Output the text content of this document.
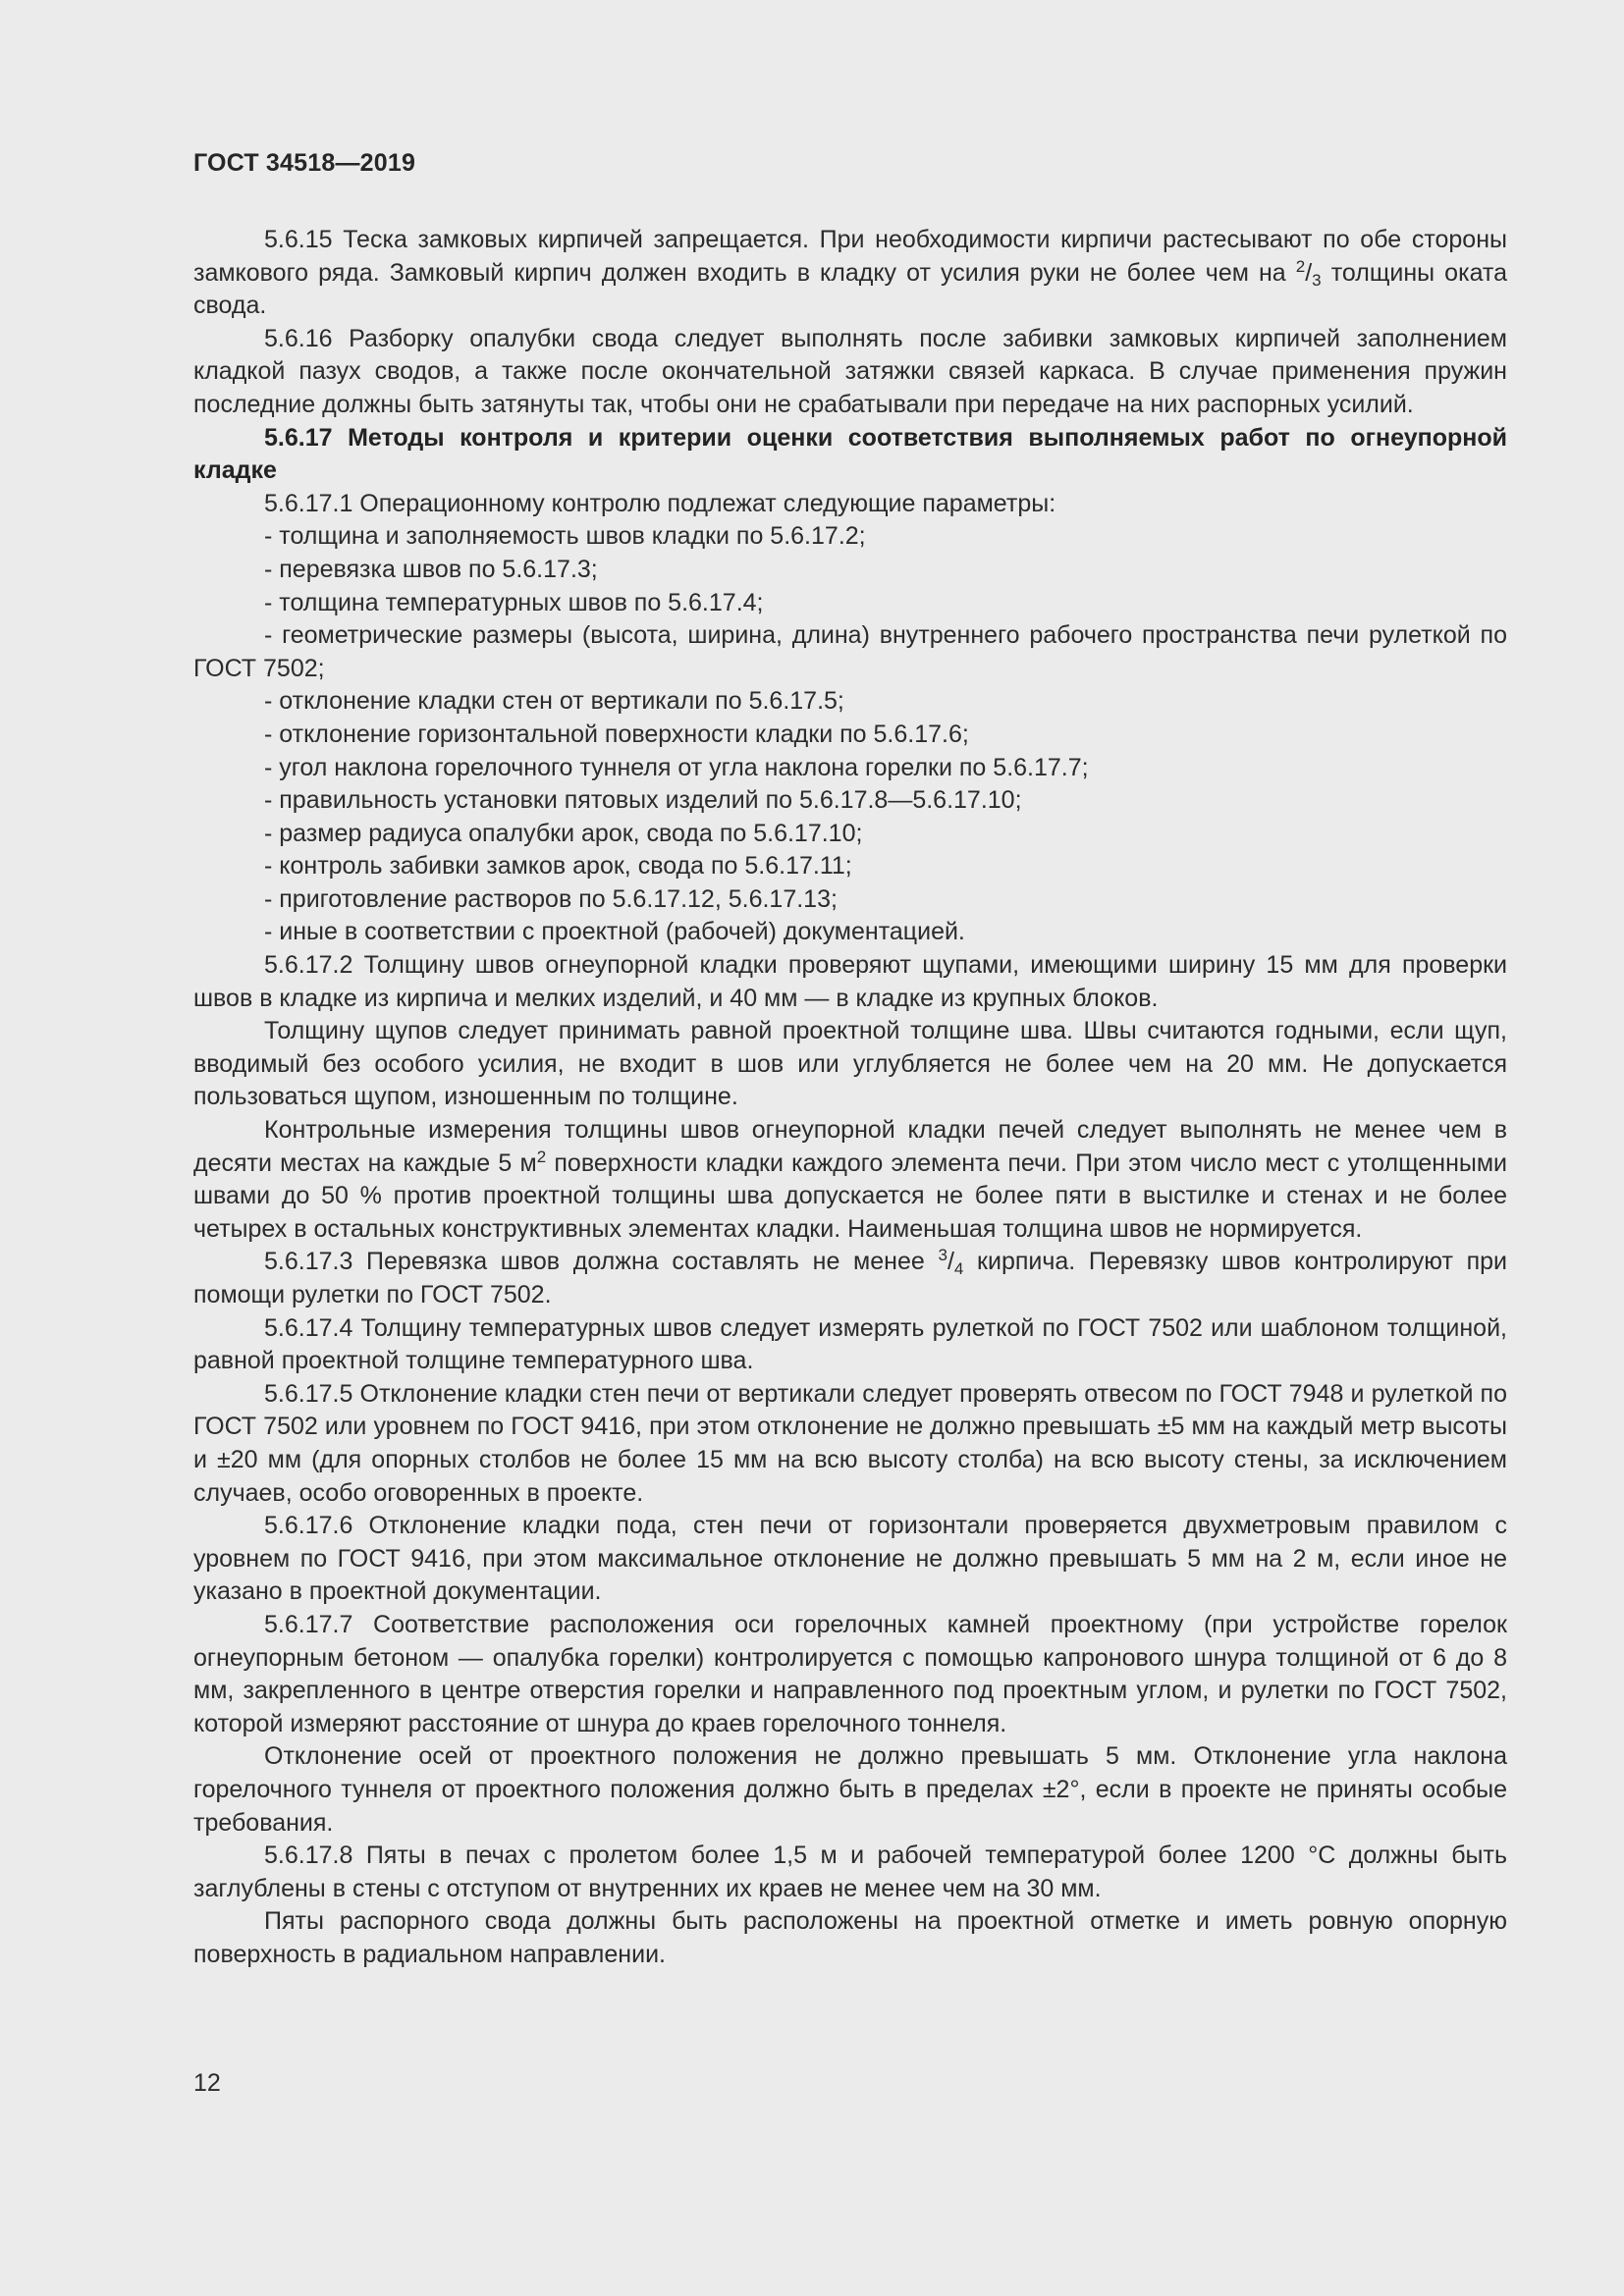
ГОСТ 34518—2019

5.6.15 Теска замковых кирпичей запрещается. При необходимости кирпичи растесывают по обе стороны замкового ряда. Замковый кирпич должен входить в кладку от усилия руки не более чем на $^2/_3$ толщины оката свода.

5.6.16 Разборку опалубки свода следует выполнять после забивки замковых кирпичей заполнением кладкой пазух сводов, а также после окончательной затяжки связей каркаса. В случае применения пружин последние должны быть затянуты так, чтобы они не срабатывали при передаче на них распорных усилий.

5.6.17 Методы контроля и критерии оценки соответствия выполняемых работ по огнеупорной кладке

5.6.17.1 Операционному контролю подлежат следующие параметры:

- толщина и заполняемость швов кладки по 5.6.17.2;

- перевязка швов по 5.6.17.3;

- толщина температурных швов по 5.6.17.4;

- геометрические размеры (высота, ширина, длина) внутреннего рабочего пространства печи рулеткой по ГОСТ 7502;

- отклонение кладки стен от вертикали по 5.6.17.5;

- отклонение горизонтальной поверхности кладки по 5.6.17.6;

- угол наклона горелочного туннеля от угла наклона горелки по 5.6.17.7;

- правильность установки пятовых изделий по 5.6.17.8—5.6.17.10;

- размер радиуса опалубки арок, свода по 5.6.17.10;

- контроль забивки замков арок, свода по 5.6.17.11;

- приготовление растворов по 5.6.17.12, 5.6.17.13;

- иные в соответствии с проектной (рабочей) документацией.

5.6.17.2 Толщину швов огнеупорной кладки проверяют щупами, имеющими ширину 15 мм для проверки швов в кладке из кирпича и мелких изделий, и 40 мм — в кладке из крупных блоков.

Толщину щупов следует принимать равной проектной толщине шва. Швы считаются годными, если щуп, вводимый без особого усилия, не входит в шов или углубляется не более чем на 20 мм. Не допускается пользоваться щупом, изношенным по толщине.

Контрольные измерения толщины швов огнеупорной кладки печей следует выполнять не менее чем в десяти местах на каждые 5 $м^2$ поверхности кладки каждого элемента печи. При этом число мест с утолщенными швами до 50 % против проектной толщины шва допускается не более пяти в выстилке и стенах и не более четырех в остальных конструктивных элементах кладки. Наименьшая толщина швов не нормируется.

5.6.17.3 Перевязка швов должна составлять не менее $^3/_4$ кирпича. Перевязку швов контролируют при помощи рулетки по ГОСТ 7502.

5.6.17.4 Толщину температурных швов следует измерять рулеткой по ГОСТ 7502 или шаблоном толщиной, равной проектной толщине температурного шва.

5.6.17.5 Отклонение кладки стен печи от вертикали следует проверять отвесом по ГОСТ 7948 и рулеткой по ГОСТ 7502 или уровнем по ГОСТ 9416, при этом отклонение не должно превышать ±5 мм на каждый метр высоты и ±20 мм (для опорных столбов не более 15 мм на всю высоту столба) на всю высоту стены, за исключением случаев, особо оговоренных в проекте.

5.6.17.6 Отклонение кладки пода, стен печи от горизонтали проверяется двухметровым правилом с уровнем по ГОСТ 9416, при этом максимальное отклонение не должно превышать 5 мм на 2 м, если иное не указано в проектной документации.

5.6.17.7 Соответствие расположения оси горелочных камней проектному (при устройстве горелок огнеупорным бетоном — опалубка горелки) контролируется с помощью капронового шнура толщиной от 6 до 8 мм, закрепленного в центре отверстия горелки и направленного под проектным углом, и рулетки по ГОСТ 7502, которой измеряют расстояние от шнура до краев горелочного тоннеля.

Отклонение осей от проектного положения не должно превышать 5 мм. Отклонение угла наклона горелочного туннеля от проектного положения должно быть в пределах ±2°, если в проекте не приняты особые требования.

5.6.17.8 Пяты в печах с пролетом более 1,5 м и рабочей температурой более 1200 °С должны быть заглублены в стены с отступом от внутренних их краев не менее чем на 30 мм.

Пяты распорного свода должны быть расположены на проектной отметке и иметь ровную опорную поверхность в радиальном направлении.

12
